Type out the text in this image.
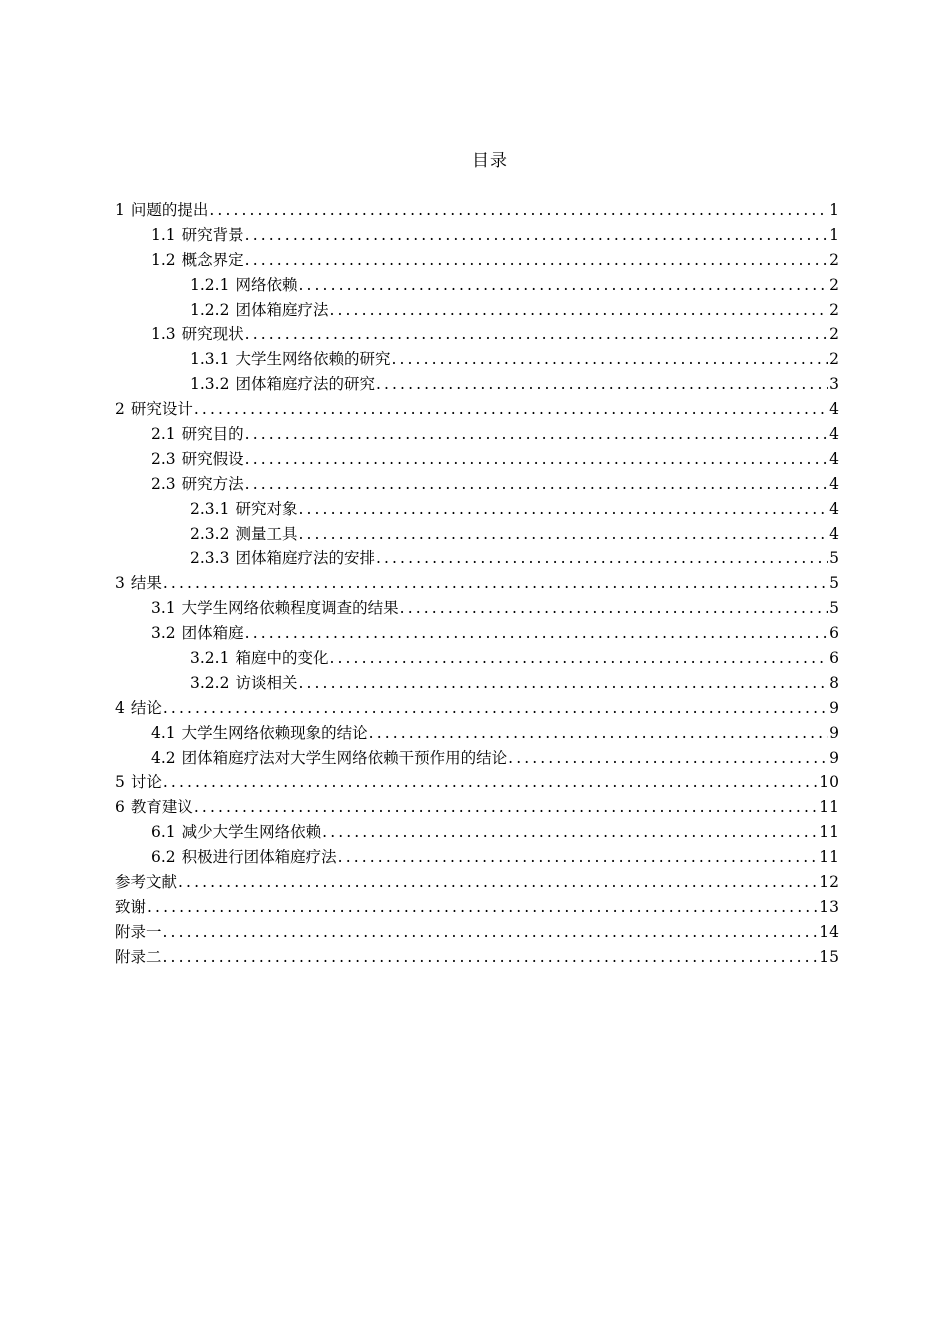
目录
1 问题的提出 .....	1
1.1 研究背景 .....	1
1.2 概念界定 .....	2
1.2.1 网络依赖 .....	2
1.2.2 团体箱庭疗法 .....	2
1.3 研究现状 .....	2
1.3.1 大学生网络依赖的研究 .....	2
1.3.2 团体箱庭疗法的研究 .....	3
2 研究设计 .....	4
2.1 研究目的 .....	4
2.3 研究假设 .....	4
2.3 研究方法 .....	4
2.3.1 研究对象 .....	4
2.3.2 测量工具 .....	4
2.3.3 团体箱庭疗法的安排 .....	5
3 结果 .....	5
3.1 大学生网络依赖程度调查的结果 .....	5
3.2 团体箱庭 .....	6
3.2.1 箱庭中的变化 .....	6
3.2.2 访谈相关 .....	8
4 结论 .....	9
4.1 大学生网络依赖现象的结论 .....	9
4.2 团体箱庭疗法对大学生网络依赖干预作用的结论 .....	9
5 讨论 .....	10
6 教育建议 .....	11
6.1 减少大学生网络依赖 .....	11
6.2 积极进行团体箱庭疗法 .....	11
参考文献 .....	12
致谢 .....	13
附录一 .....	14
附录二 .....	15
